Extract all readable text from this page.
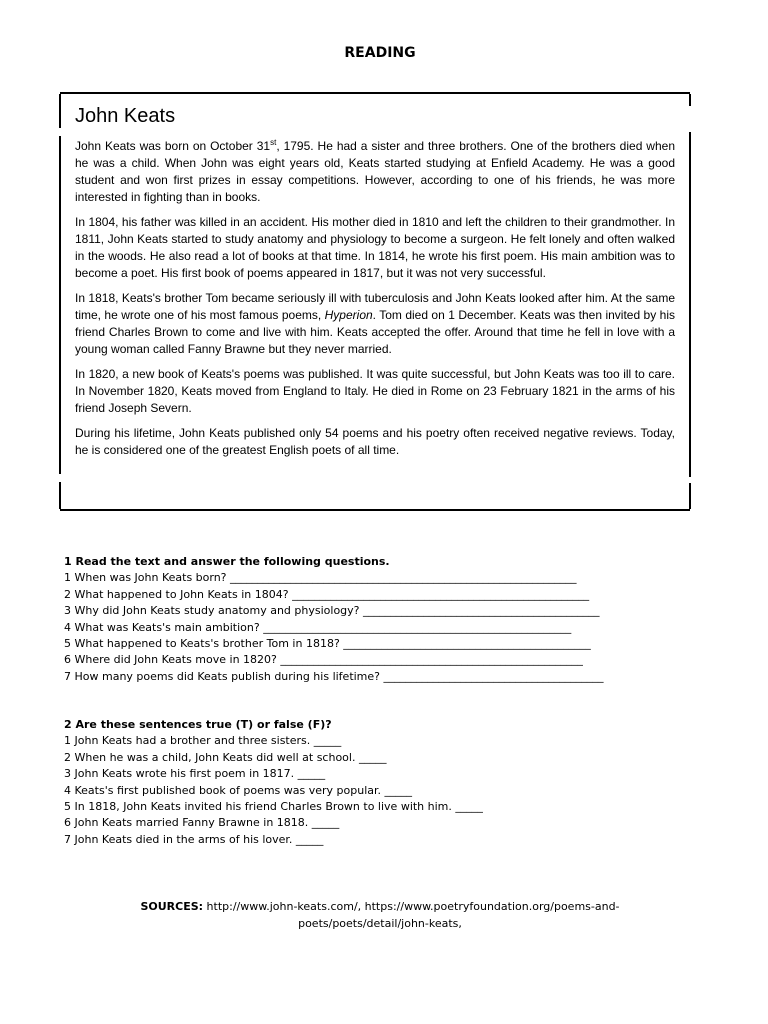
READING
John Keats

John Keats was born on October 31st, 1795. He had a sister and three brothers. One of the brothers died when he was a child. When John was eight years old, Keats started studying at Enfield Academy. He was a good student and won first prizes in essay competitions. However, according to one of his friends, he was more interested in fighting than in books.

In 1804, his father was killed in an accident. His mother died in 1810 and left the children to their grandmother. In 1811, John Keats started to study anatomy and physiology to become a surgeon. He felt lonely and often walked in the woods. He also read a lot of books at that time. In 1814, he wrote his first poem. His main ambition was to become a poet. His first book of poems appeared in 1817, but it was not very successful.

In 1818, Keats's brother Tom became seriously ill with tuberculosis and John Keats looked after him. At the same time, he wrote one of his most famous poems, Hyperion. Tom died on 1 December. Keats was then invited by his friend Charles Brown to come and live with him. Keats accepted the offer. Around that time he fell in love with a young woman called Fanny Brawne but they never married.

In 1820, a new book of Keats's poems was published. It was quite successful, but John Keats was too ill to care. In November 1820, Keats moved from England to Italy. He died in Rome on 23 February 1821 in the arms of his friend Joseph Severn.

During his lifetime, John Keats published only 54 poems and his poetry often received negative reviews. Today, he is considered one of the greatest English poets of all time.

1 Read the text and answer the following questions.
1 When was John Keats born? _______________________________________________________________
2 What happened to John Keats in 1804? ______________________________________________________
3 Why did John Keats study anatomy and physiology? ___________________________________________
4 What was Keats's main ambition? ________________________________________________________
5 What happened to Keats's brother Tom in 1818? _____________________________________________
6 Where did John Keats move in 1820? _______________________________________________________
7 How many poems did Keats publish during his lifetime? ________________________________________
2 Are these sentences true (T) or false (F)?
1 John Keats had a brother and three sisters. _____
2 When he was a child, John Keats did well at school. _____
3 John Keats wrote his first poem in 1817. _____
4 Keats's first published book of poems was very popular. _____
5 In 1818, John Keats invited his friend Charles Brown to live with him. _____
6 John Keats married Fanny Brawne in 1818. _____
7 John Keats died in the arms of his lover. _____
SOURCES: http://www.john-keats.com/, https://www.poetryfoundation.org/poems-and-
poets/poets/detail/john-keats,
